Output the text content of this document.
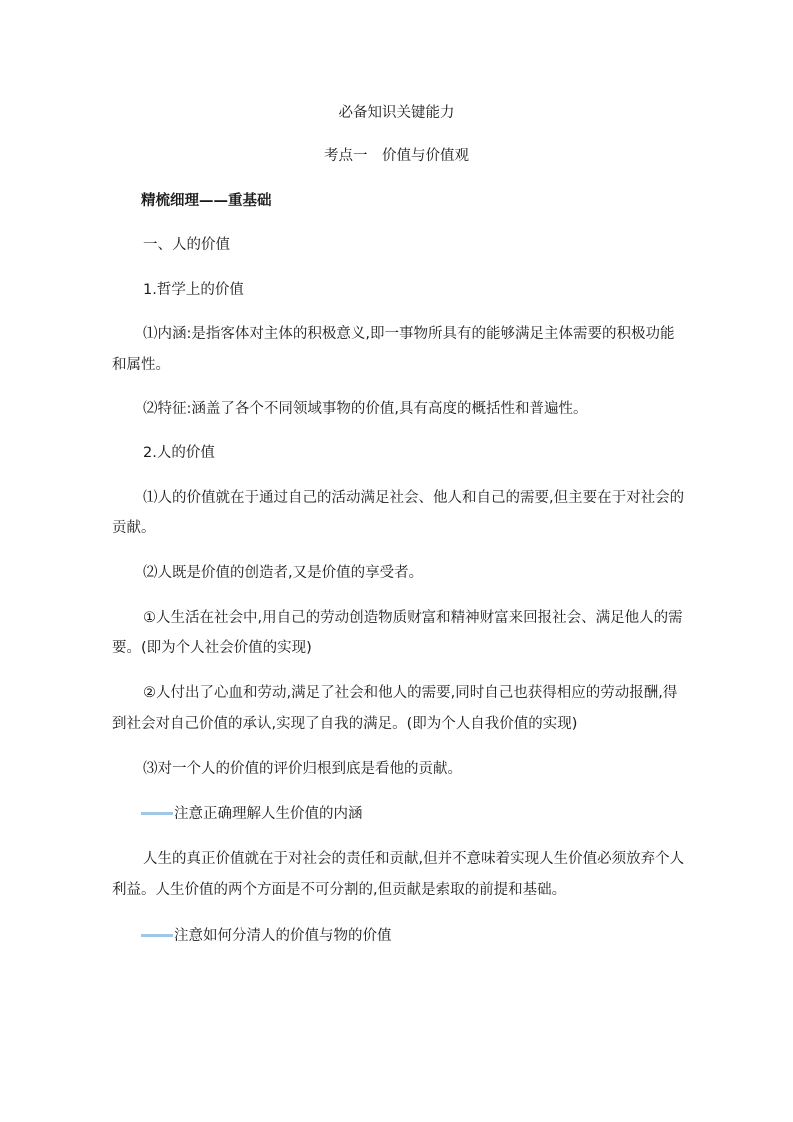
必备知识关键能力
考点一　价值与价值观
精梳细理——重基础
一、人的价值
1.哲学上的价值
⑴内涵:是指客体对主体的积极意义,即一事物所具有的能够满足主体需要的积极功能
和属性。
⑵特征:涵盖了各个不同领域事物的价值,具有高度的概括性和普遍性。
2.人的价值
⑴人的价值就在于通过自己的活动满足社会、他人和自己的需要,但主要在于对社会的
贡献。
⑵人既是价值的创造者,又是价值的享受者。
①人生活在社会中,用自己的劳动创造物质财富和精神财富来回报社会、满足他人的需
要。(即为个人社会价值的实现)
②人付出了心血和劳动,满足了社会和他人的需要,同时自己也获得相应的劳动报酬,得
到社会对自己价值的承认,实现了自我的满足。(即为个人自我价值的实现)
⑶对一个人的价值的评价归根到底是看他的贡献。
注意正确理解人生价值的内涵
人生的真正价值就在于对社会的责任和贡献,但并不意味着实现人生价值必须放弃个人
利益。人生价值的两个方面是不可分割的,但贡献是索取的前提和基础。
注意如何分清人的价值与物的价值
